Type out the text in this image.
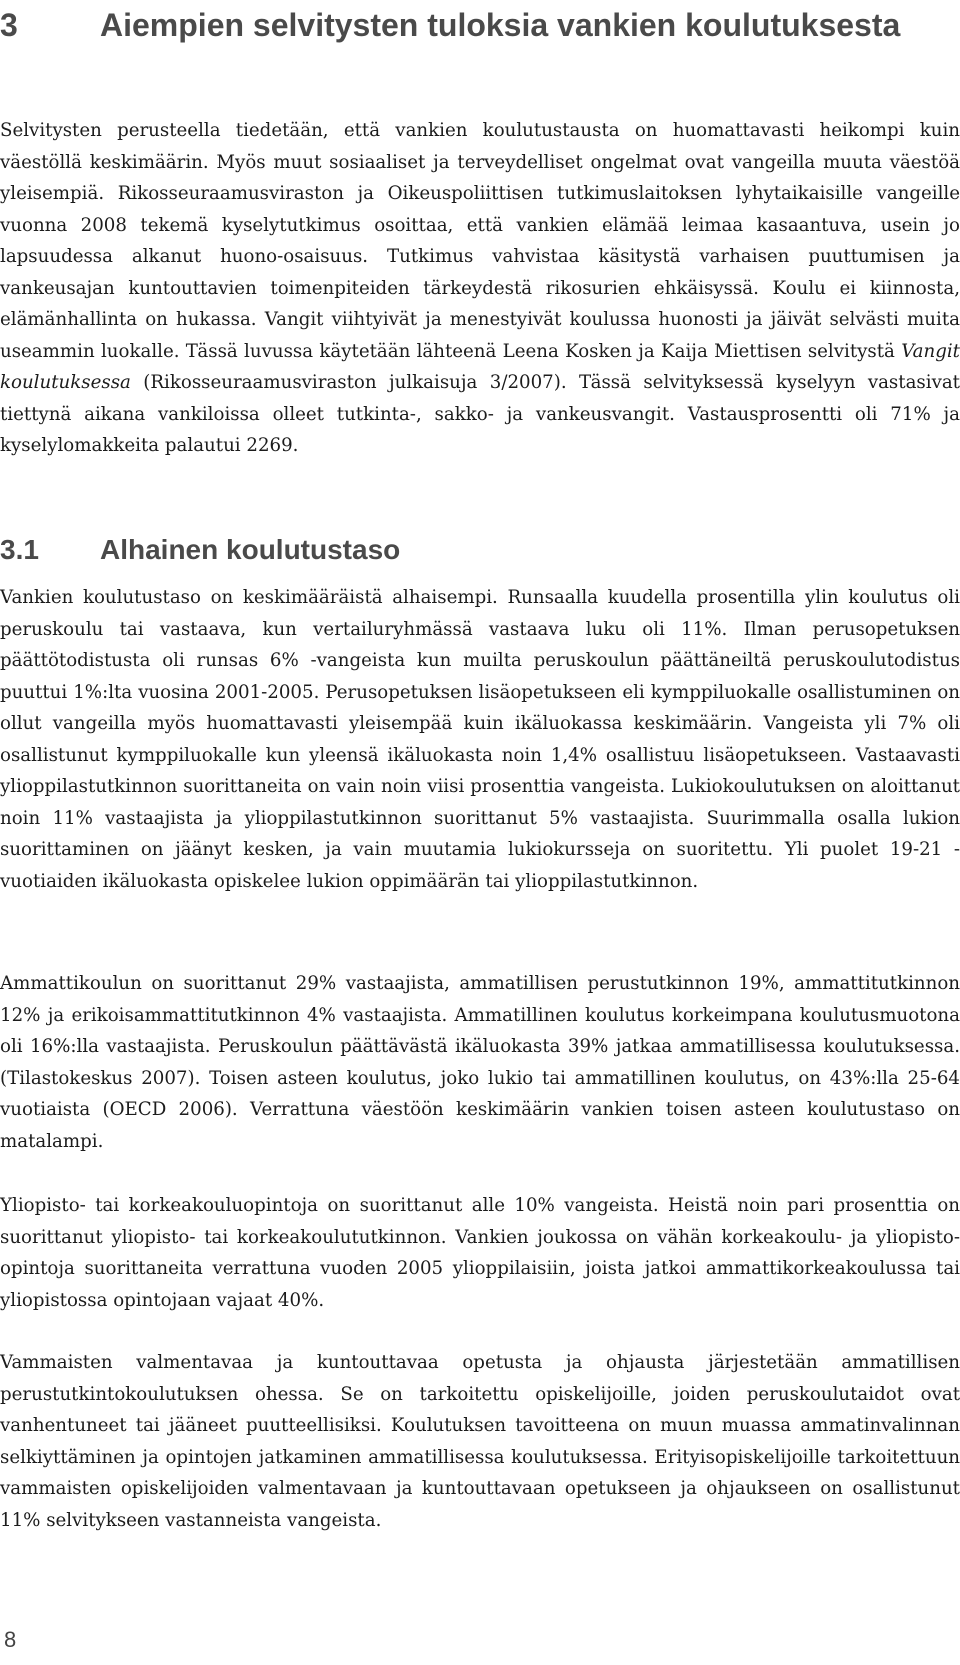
3	Aiempien selvitysten tuloksia vankien koulutuksesta

Selvitysten perusteella tiedetään, että vankien koulutustausta on huomattavasti heikompi kuin väestöllä keskimäärin. Myös muut sosiaaliset ja terveydelliset ongelmat ovat vangeilla muuta väestöä yleisempiä. Rikosseuraamusviraston ja Oikeuspoliittisen tutkimuslaitoksen lyhytaikaisille vangeille vuonna 2008 tekemä kyselytutkimus osoittaa, että vankien elämää leimaa kasaantuva, usein jo lapsuudessa alkanut huono-osaisuus. Tutkimus vahvistaa käsitystä varhaisen puuttumisen ja vankeusajan kuntouttavien toimenpiteiden tärkeydestä rikosurien ehkäisyssä. Koulu ei kiinnosta, elämänhallinta on hukassa. Vangit viihtyivät ja menestyivät koulussa huonosti ja jäivät selvästi muita useammin luokalle. Tässä luvussa käytetään lähteenä Leena Kosken ja Kaija Miettisen selvitystä Vangit koulutuksessa (Rikosseuraamusviraston julkaisuja 3/2007). Tässä selvityksessä kyselyyn vastasivat tiettynä aikana vankiloissa olleet tutkinta-, sakko- ja vankeusvangit. Vastausprosentti oli 71% ja kyselylomakkeita palautui 2269.

3.1	Alhainen koulutustaso

Vankien koulutustaso on keskimääräistä alhaisempi. Runsaalla kuudella prosentilla ylin koulutus oli peruskoulu tai vastaava, kun vertailuryhmässä vastaava luku oli 11%. Ilman perusopetuksen päättötodistusta oli runsas 6% -vangeista kun muilta peruskoulun päättäneiltä peruskoulutodistus puuttui 1%:lta vuosina 2001-2005. Perusopetuksen lisäopetukseen eli kymppiluokalle osallistuminen on ollut vangeilla myös huomattavasti yleisempää kuin ikäluokassa keskimäärin. Vangeista yli 7% oli osallistunut kymppiluokalle kun yleensä ikäluokasta noin 1,4% osallistuu lisäopetukseen. Vastaavasti ylioppilastutkinnon suorittaneita on vain noin viisi prosenttia vangeista. Lukiokoulutuksen on aloittanut noin 11% vastaajista ja ylioppilastutkinnon suorittanut 5% vastaajista. Suurimmalla osalla lukion suorittaminen on jäänyt kesken, ja vain muutamia lukiokursseja on suoritettu. Yli puolet 19-21 -vuotiaiden ikäluokasta opiskelee lukion oppimäärän tai ylioppilastutkinnon.

Ammattikoulun on suorittanut 29% vastaajista, ammatillisen perustutkinnon 19%, ammattitutkinnon 12% ja erikoisammattitutkinnon 4% vastaajista. Ammatillinen koulutus korkeimpana koulutusmuotona oli 16%:lla vastaajista. Peruskoulun päättävästä ikäluokasta 39% jatkaa ammatillisessa koulutuksessa. (Tilastokeskus 2007). Toisen asteen koulutus, joko lukio tai ammatillinen koulutus, on 43%:lla 25-64 vuotiaista (OECD 2006). Verrattuna väestöön keskimäärin vankien toisen asteen koulutustaso on matalampi.

Yliopisto- tai korkeakouluopintoja on suorittanut alle 10% vangeista. Heistä noin pari prosenttia on suorittanut yliopisto- tai korkeakoulututkinnon. Vankien joukossa on vähän korkeakoulu- ja yliopisto-opintoja suorittaneita verrattuna vuoden 2005 ylioppilaisiin, joista jatkoi ammattikorkeakoulussa tai yliopistossa opintojaan vajaat 40%.

Vammaisten valmentavaa ja kuntouttavaa opetusta ja ohjausta järjestetään ammatillisen perustutkintokoulutuksen ohessa. Se on tarkoitettu opiskelijoille, joiden peruskoulutaidot ovat vanhentuneet tai jääneet puutteellisiksi. Koulutuksen tavoitteena on muun muassa ammatinvalinnan selkiyttäminen ja opintojen jatkaminen ammatillisessa koulutuksessa. Erityisopiskelijoille tarkoitettuun vammaisten opiskelijoiden valmentavaan ja kuntouttavaan opetukseen ja ohjaukseen on osallistunut 11% selvitykseen vastanneista vangeista.

8
